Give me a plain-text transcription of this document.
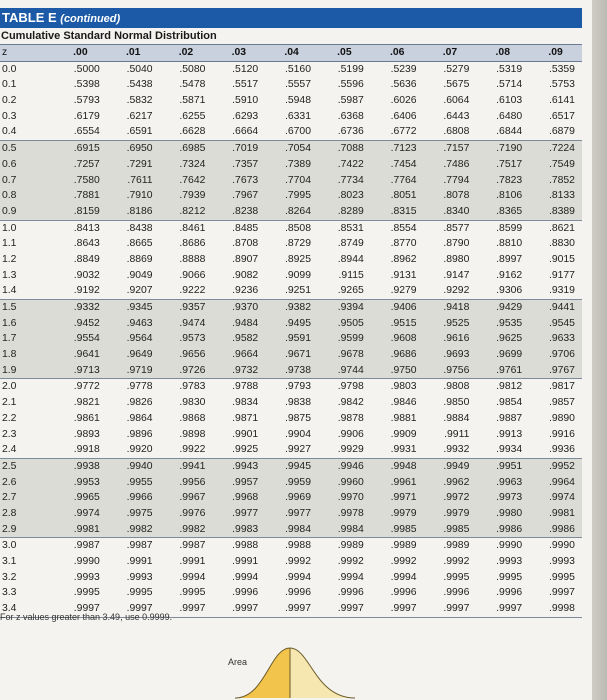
TABLE E (continued)
Cumulative Standard Normal Distribution
z	.00	.01	.02	.03	.04	.05	.06	.07	.08	.09
0.0	.5000	.5040	.5080	.5120	.5160	.5199	.5239	.5279	.5319	.5359
0.1	.5398	.5438	.5478	.5517	.5557	.5596	.5636	.5675	.5714	.5753
0.2	.5793	.5832	.5871	.5910	.5948	.5987	.6026	.6064	.6103	.6141
0.3	.6179	.6217	.6255	.6293	.6331	.6368	.6406	.6443	.6480	.6517
0.4	.6554	.6591	.6628	.6664	.6700	.6736	.6772	.6808	.6844	.6879
0.5	.6915	.6950	.6985	.7019	.7054	.7088	.7123	.7157	.7190	.7224
0.6	.7257	.7291	.7324	.7357	.7389	.7422	.7454	.7486	.7517	.7549
0.7	.7580	.7611	.7642	.7673	.7704	.7734	.7764	.7794	.7823	.7852
0.8	.7881	.7910	.7939	.7967	.7995	.8023	.8051	.8078	.8106	.8133
0.9	.8159	.8186	.8212	.8238	.8264	.8289	.8315	.8340	.8365	.8389
1.0	.8413	.8438	.8461	.8485	.8508	.8531	.8554	.8577	.8599	.8621
1.1	.8643	.8665	.8686	.8708	.8729	.8749	.8770	.8790	.8810	.8830
1.2	.8849	.8869	.8888	.8907	.8925	.8944	.8962	.8980	.8997	.9015
1.3	.9032	.9049	.9066	.9082	.9099	.9115	.9131	.9147	.9162	.9177
1.4	.9192	.9207	.9222	.9236	.9251	.9265	.9279	.9292	.9306	.9319
1.5	.9332	.9345	.9357	.9370	.9382	.9394	.9406	.9418	.9429	.9441
1.6	.9452	.9463	.9474	.9484	.9495	.9505	.9515	.9525	.9535	.9545
1.7	.9554	.9564	.9573	.9582	.9591	.9599	.9608	.9616	.9625	.9633
1.8	.9641	.9649	.9656	.9664	.9671	.9678	.9686	.9693	.9699	.9706
1.9	.9713	.9719	.9726	.9732	.9738	.9744	.9750	.9756	.9761	.9767
2.0	.9772	.9778	.9783	.9788	.9793	.9798	.9803	.9808	.9812	.9817
2.1	.9821	.9826	.9830	.9834	.9838	.9842	.9846	.9850	.9854	.9857
2.2	.9861	.9864	.9868	.9871	.9875	.9878	.9881	.9884	.9887	.9890
2.3	.9893	.9896	.9898	.9901	.9904	.9906	.9909	.9911	.9913	.9916
2.4	.9918	.9920	.9922	.9925	.9927	.9929	.9931	.9932	.9934	.9936
2.5	.9938	.9940	.9941	.9943	.9945	.9946	.9948	.9949	.9951	.9952
2.6	.9953	.9955	.9956	.9957	.9959	.9960	.9961	.9962	.9963	.9964
2.7	.9965	.9966	.9967	.9968	.9969	.9970	.9971	.9972	.9973	.9974
2.8	.9974	.9975	.9976	.9977	.9977	.9978	.9979	.9979	.9980	.9981
2.9	.9981	.9982	.9982	.9983	.9984	.9984	.9985	.9985	.9986	.9986
3.0	.9987	.9987	.9987	.9988	.9988	.9989	.9989	.9989	.9990	.9990
3.1	.9990	.9991	.9991	.9991	.9992	.9992	.9992	.9992	.9993	.9993
3.2	.9993	.9993	.9994	.9994	.9994	.9994	.9994	.9995	.9995	.9995
3.3	.9995	.9995	.9995	.9996	.9996	.9996	.9996	.9996	.9996	.9997
3.4	.9997	.9997	.9997	.9997	.9997	.9997	.9997	.9997	.9997	.9998
For z values greater than 3.49, use 0.9999.
Area
